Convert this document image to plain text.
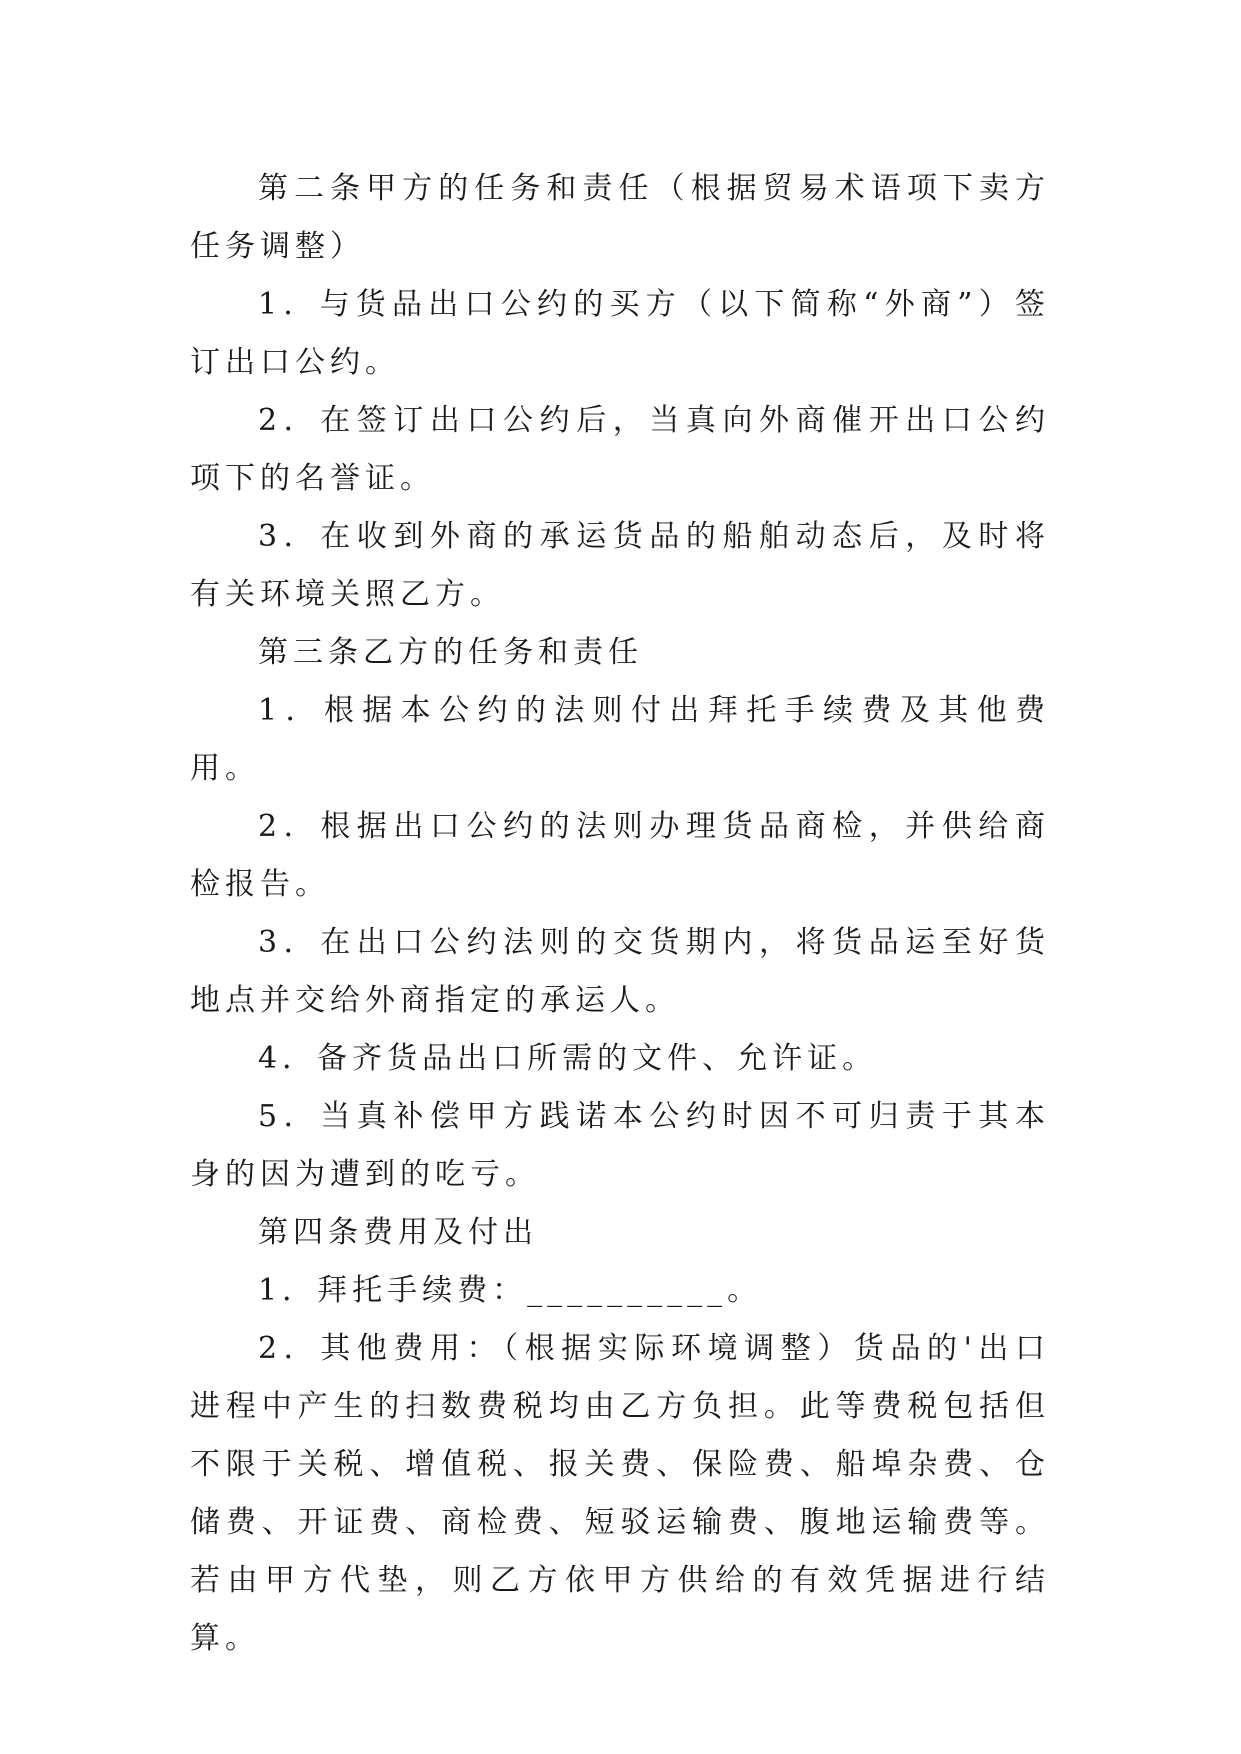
第二条甲方的任务和责任（根据贸易术语项下卖方任务调整）

1．与货品出口公约的买方（以下简称“外商”）签订出口公约。

2．在签订出口公约后，当真向外商催开出口公约项下的名誉证。

3．在收到外商的承运货品的船舶动态后，及时将有关环境关照乙方。

第三条乙方的任务和责任

1．根据本公约的法则付出拜托手续费及其他费用。

2．根据出口公约的法则办理货品商检，并供给商检报告。

3．在出口公约法则的交货期内，将货品运至好货地点并交给外商指定的承运人。

4．备齐货品出口所需的文件、允许证。

5．当真补偿甲方践诺本公约时因不可归责于其本身的因为遭到的吃亏。

第四条费用及付出

1．拜托手续费：__________。

2．其他费用：（根据实际环境调整）货品的'出口进程中产生的扫数费税均由乙方负担。此等费税包括但不限于关税、增值税、报关费、保险费、船埠杂费、仓储费、开证费、商检费、短驳运输费、腹地运输费等。若由甲方代垫，则乙方依甲方供给的有效凭据进行结算。
